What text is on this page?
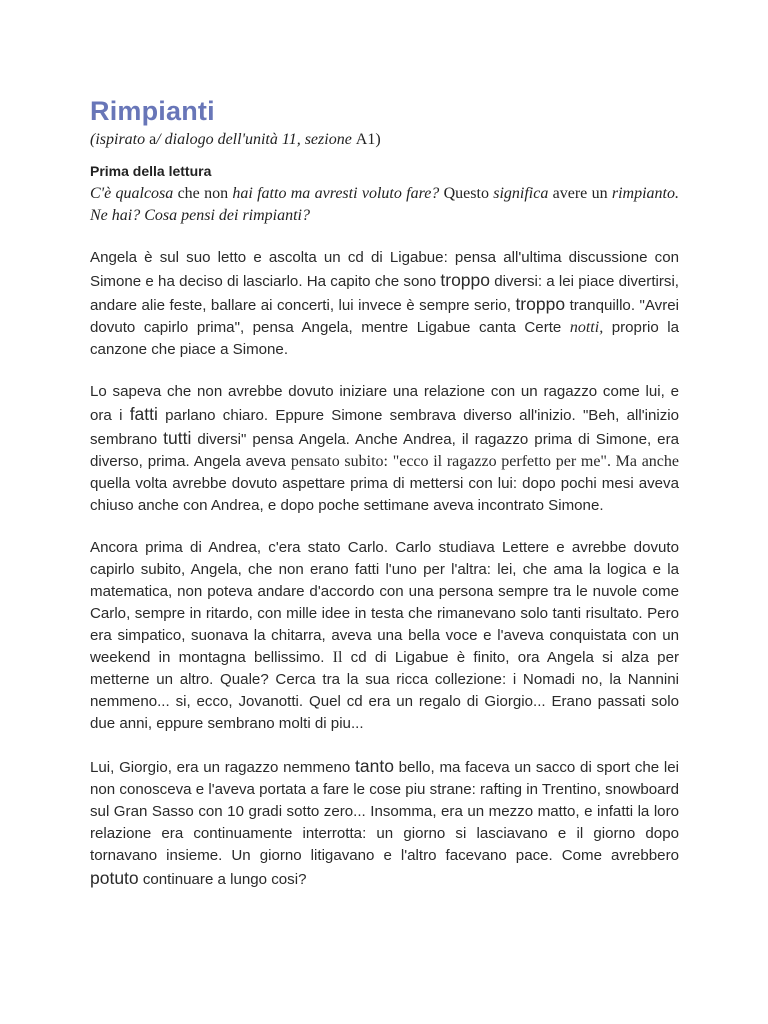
Rimpianti

(ispirato a/ dialogo dell'unità 11, sezione A1)

Prima della lettura

C'è qualcosa che non hai fatto ma avresti voluto fare? Questo significa avere un rimpianto. Ne hai? Cosa pensi dei rimpianti?

Angela è sul suo letto e ascolta un cd di Ligabue: pensa all'ultima discussione con Simone e ha deciso di lasciarlo. Ha capito che sono troppo diversi: a lei piace divertirsi, andare alie feste, ballare ai concerti, lui invece è sempre serio, troppo tranquillo. "Avrei dovuto capirlo prima", pensa Angela, mentre Ligabue canta Certe notti, proprio la canzone che piace a Simone.

Lo sapeva che non avrebbe dovuto iniziare una relazione con un ragazzo come lui, e ora i fatti parlano chiaro. Eppure Simone sembrava diverso all'inizio. "Beh, all'inizio sembrano tutti diversi" pensa Angela. Anche Andrea, il ragazzo prima di Simone, era diverso, prima. Angela aveva pensato subito: "ecco il ragazzo perfetto per me". Ma anche quella volta avrebbe dovuto aspettare prima di mettersi con lui: dopo pochi mesi aveva chiuso anche con Andrea, e dopo poche settimane aveva incontrato Simone.

Ancora prima di Andrea, c'era stato Carlo. Carlo studiava Lettere e avrebbe dovuto capirlo subito, Angela, che non erano fatti l'uno per l'altra: lei, che ama la logica e la matematica, non poteva andare d'accordo con una persona sempre tra le nuvole come Carlo, sempre in ritardo, con mille idee in testa che rimanevano solo tanti risultato. Pero era simpatico, suonava la chitarra, aveva una bella voce e l'aveva conquistata con un weekend in montagna bellissimo. Il cd di Ligabue è finito, ora Angela si alza per metterne un altro. Quale? Cerca tra la sua ricca collezione: i Nomadi no, la Nannini nemmeno... si, ecco, Jovanotti. Quel cd era un regalo di Giorgio... Erano passati solo due anni, eppure sembrano molti di piu...

Lui, Giorgio, era un ragazzo nemmeno tanto bello, ma faceva un sacco di sport che lei non conosceva e l'aveva portata a fare le cose piu strane: rafting in Trentino, snowboard sul Gran Sasso con 10 gradi sotto zero... Insomma, era un mezzo matto, e infatti la loro relazione era continuamente interrotta: un giorno si lasciavano e il giorno dopo tornavano insieme. Un giorno litigavano e l'altro facevano pace. Come avrebbero potuto continuare a lungo cosi?
